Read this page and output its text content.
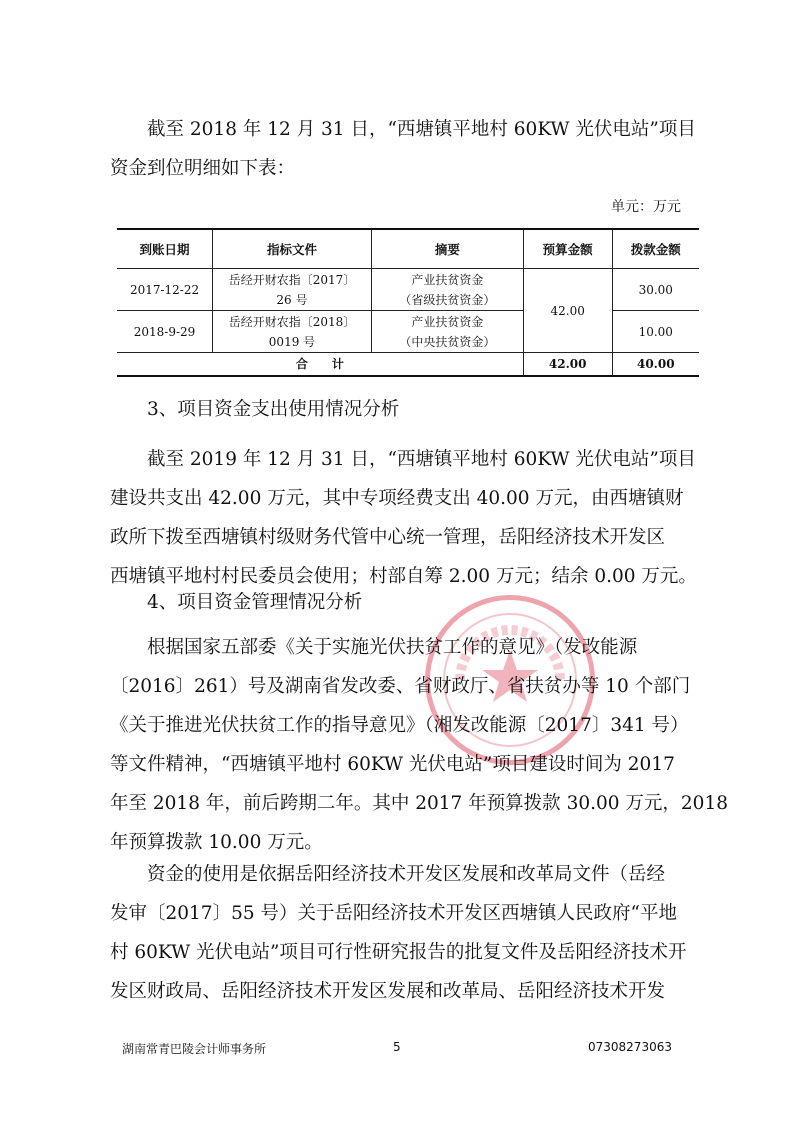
截至 2018 年 12 月 31 日，“西塘镇平地村 60KW 光伏电站”项目
资金到位明细如下表：

单元：万元
到账日期	指标文件	摘要	预算金额	拨款金额
2017-12-22	岳经开财农指〔2017〕
26 号	产业扶贫资金
（省级扶贫资金）	42.00	30.00
2018-9-29	岳经开财农指〔2018〕
0019 号	产业扶贫资金
（中央扶贫资金）		10.00
合　　计			42.00	40.00

3、项目资金支出使用情况分析

截至 2019 年 12 月 31 日，“西塘镇平地村 60KW 光伏电站”项目
建设共支出 42.00 万元，其中专项经费支出 40.00 万元，由西塘镇财
政所下拨至西塘镇村级财务代管中心统一管理，岳阳经济技术开发区
西塘镇平地村村民委员会使用；村部自筹 2.00 万元；结余 0.00 万元。

4、项目资金管理情况分析

根据国家五部委《关于实施光伏扶贫工作的意见》（发改能源
〔2016〕261）号及湖南省发改委、省财政厅、省扶贫办等 10 个部门
《关于推进光伏扶贫工作的指导意见》（湘发改能源〔2017〕341 号）
等文件精神，“西塘镇平地村 60KW 光伏电站”项目建设时间为 2017
年至 2018 年，前后跨期二年。其中 2017 年预算拨款 30.00 万元，2018
年预算拨款 10.00 万元。

资金的使用是依据岳阳经济技术开发区发展和改革局文件（岳经
发审〔2017〕55 号）关于岳阳经济技术开发区西塘镇人民政府“平地
村 60KW 光伏电站”项目可行性研究报告的批复文件及岳阳经济技术开
发区财政局、岳阳经济技术开发区发展和改革局、岳阳经济技术开发

湖南常青巴陵会计师事务所	5	07308273063
